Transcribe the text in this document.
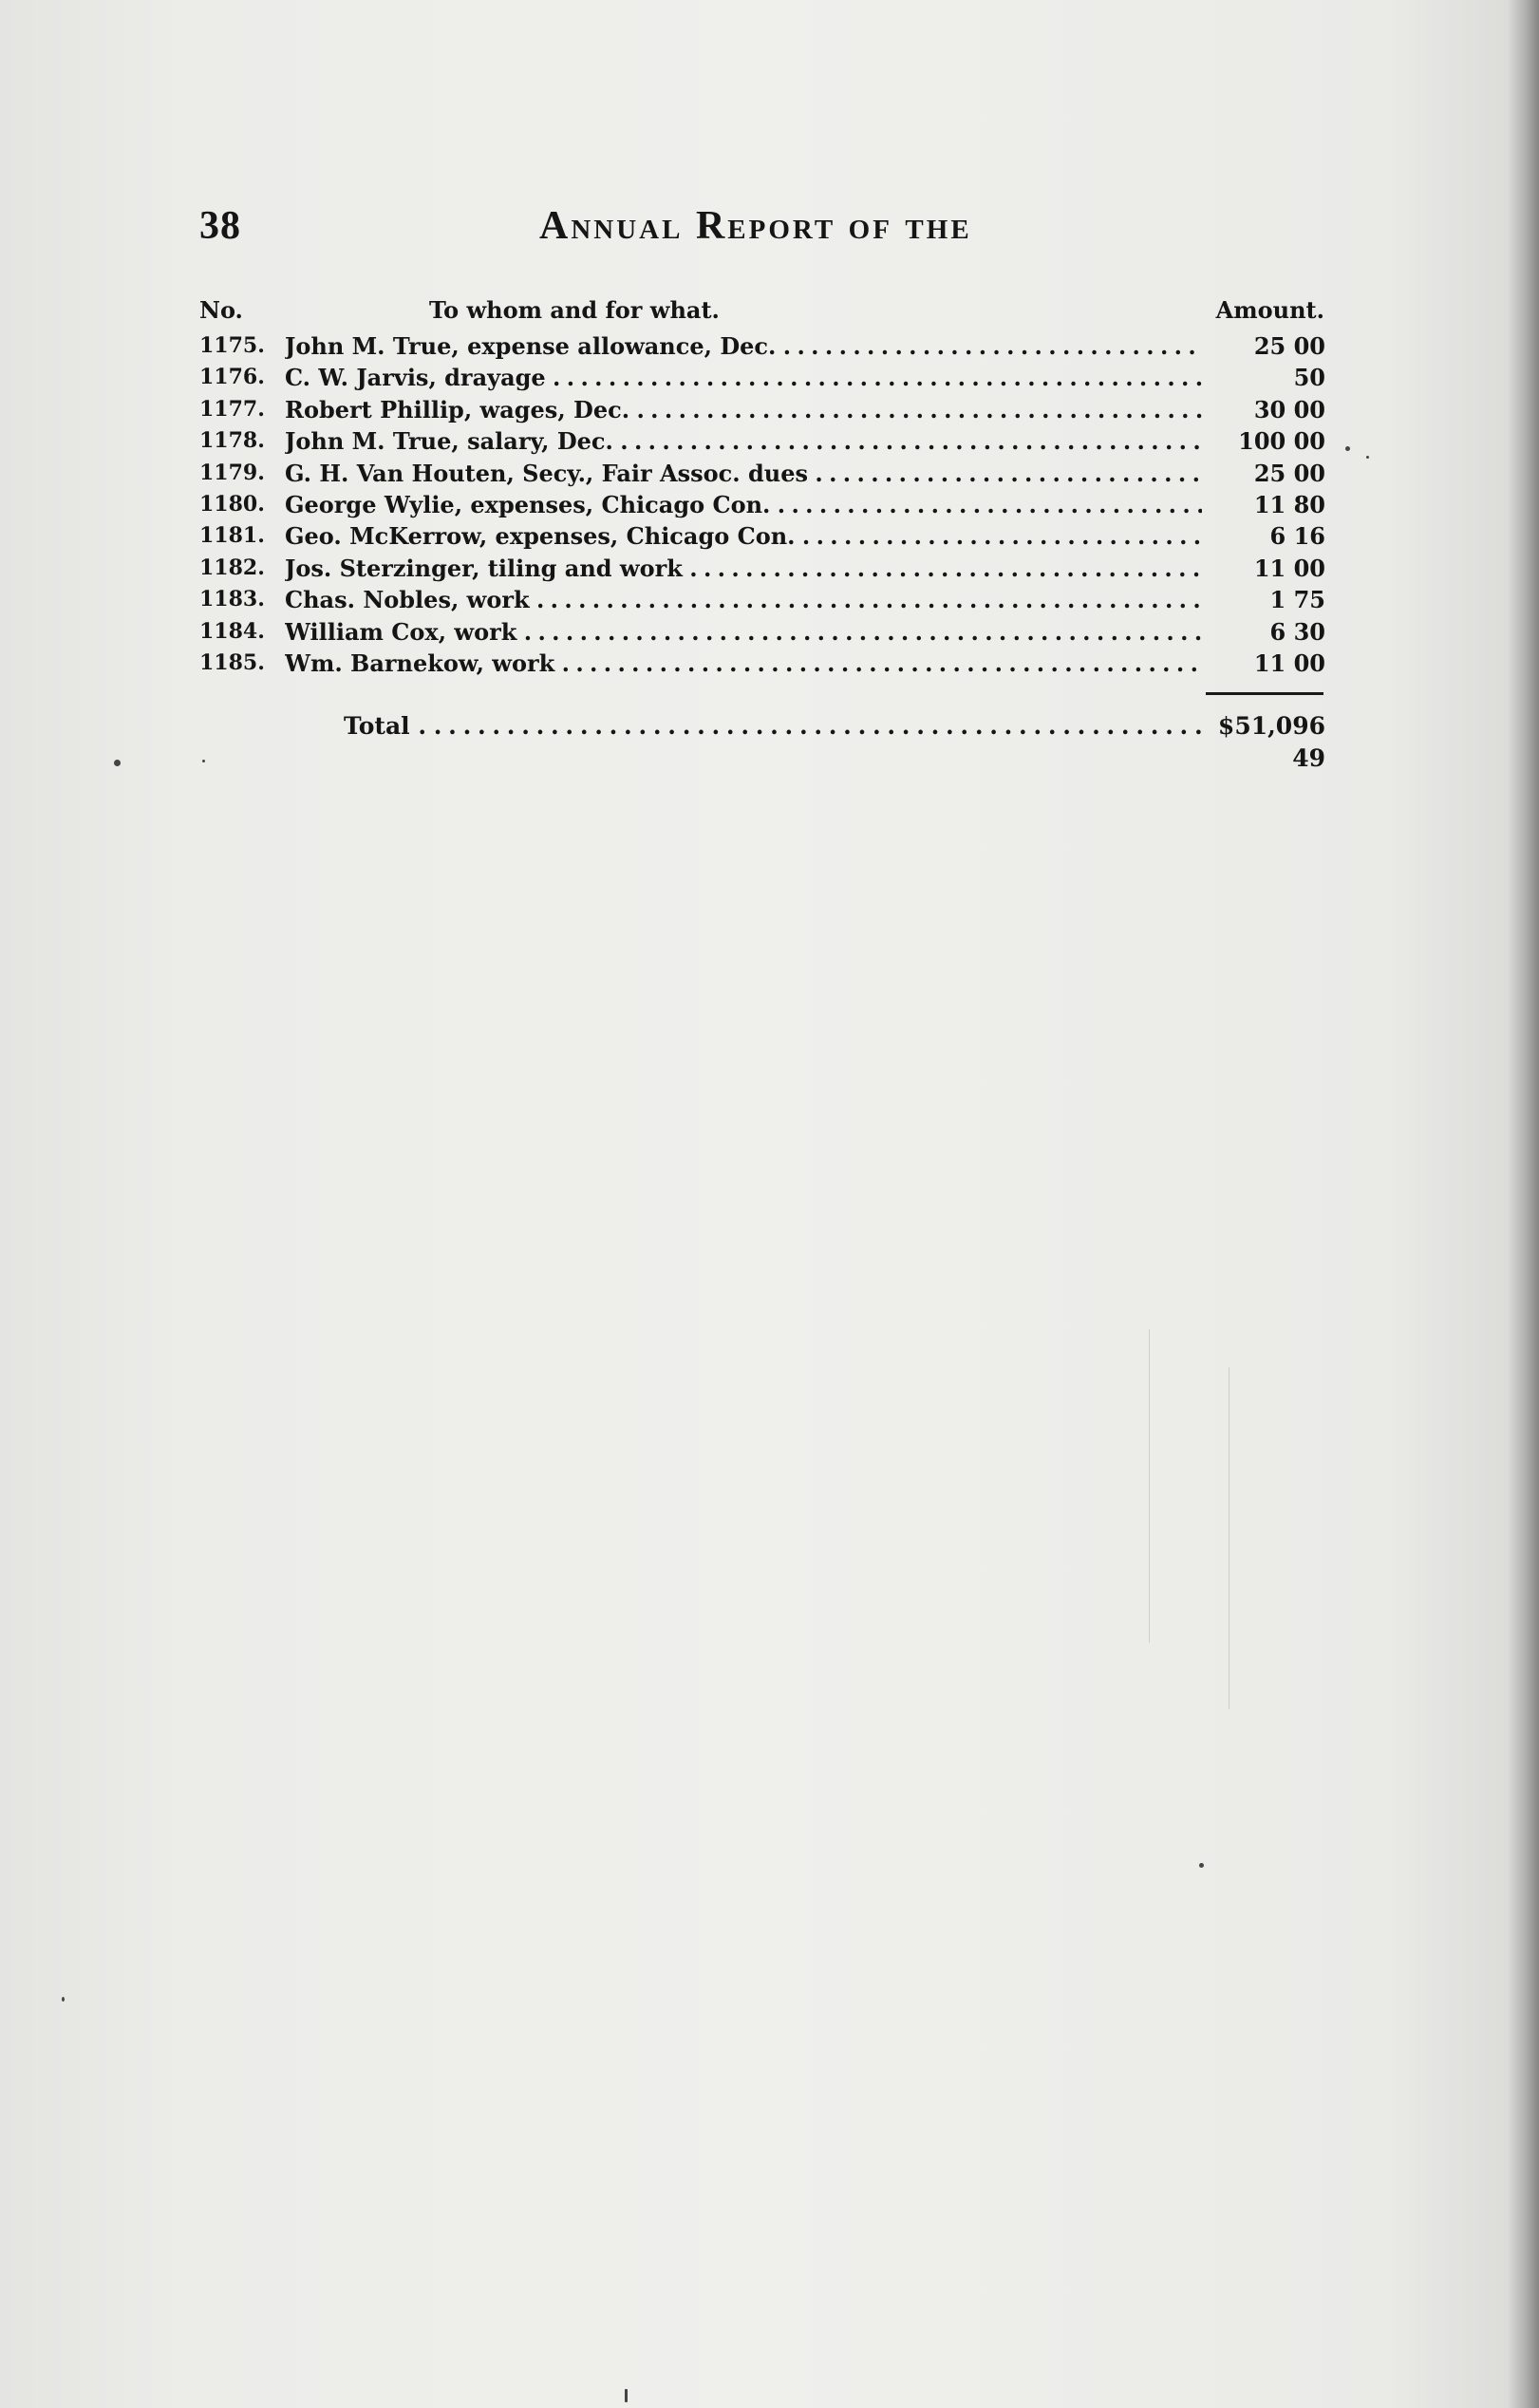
38	Annual Report of the
No.	To whom and for what.	Amount.
1175. John M. True, expense allowance, Dec. . . .	25 00
1176. C. W. Jarvis, drayage . . .	50
1177. Robert Phillip, wages, Dec. . . .	30 00
1178. John M. True, salary, Dec. . . .	100 00
1179. G. H. Van Houten, Secy., Fair Assoc. dues . . .	25 00
1180. George Wylie, expenses, Chicago Con. . . .	11 80
1181. Geo. McKerrow, expenses, Chicago Con. . . .	6 16
1182. Jos. Sterzinger, tiling and work . . .	11 00
1183. Chas. Nobles, work . . .	1 75
1184. William Cox, work . . .	6 30
1185. Wm. Barnekow, work . . .	11 00
Total . . . .	$51,096 49
